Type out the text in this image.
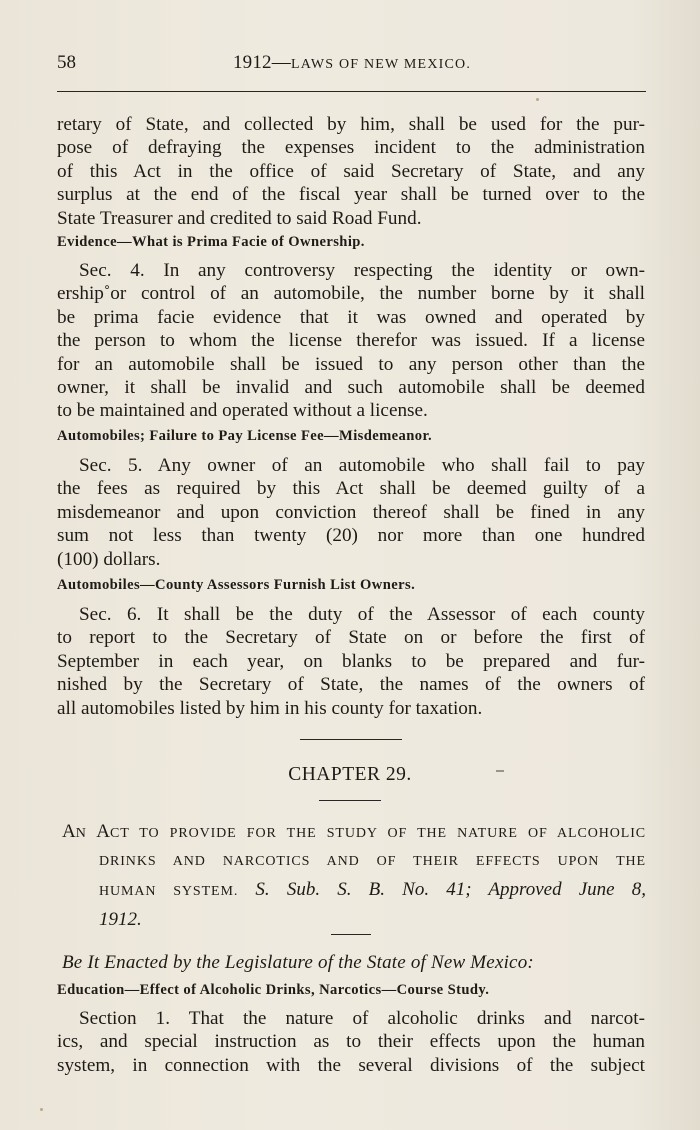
58	1912—LAWS OF NEW MEXICO.
retary of State, and collected by him, shall be used for the pur-
pose of defraying the expenses incident to the administration
of this Act in the office of said Secretary of State, and any
surplus at the end of the fiscal year shall be turned over to the
State Treasurer and credited to said Road Fund.

Evidence—What is Prima Facie of Ownership.

Sec. 4. In any controversy respecting the identity or own-
ership˚or control of an automobile, the number borne by it shall
be prima facie evidence that it was owned and operated by
the person to whom the license therefor was issued. If a license
for an automobile shall be issued to any person other than the
owner, it shall be invalid and such automobile shall be deemed
to be maintained and operated without a license.

Automobiles; Failure to Pay License Fee—Misdemeanor.

Sec. 5. Any owner of an automobile who shall fail to pay
the fees as required by this Act shall be deemed guilty of a
misdemeanor and upon conviction thereof shall be fined in any
sum not less than twenty (20) nor more than one hundred
(100) dollars.

Automobiles—County Assessors Furnish List Owners.

Sec. 6. It shall be the duty of the Assessor of each county
to report to the Secretary of State on or before the first of
September in each year, on blanks to be prepared and fur-
nished by the Secretary of State, the names of the owners of
all automobiles listed by him in his county for taxation.

CHAPTER 29.

AN ACT TO PROVIDE FOR THE STUDY OF THE NATURE OF ALCOHOLIC
DRINKS AND NARCOTICS AND OF THEIR EFFECTS UPON THE
HUMAN SYSTEM. S. Sub. S. B. No. 41; Approved June 8,
1912.

Be It Enacted by the Legislature of the State of New Mexico:

Education—Effect of Alcoholic Drinks, Narcotics—Course Study.

Section 1. That the nature of alcoholic drinks and narcot-
ics, and special instruction as to their effects upon the human
system, in connection with the several divisions of the subject
